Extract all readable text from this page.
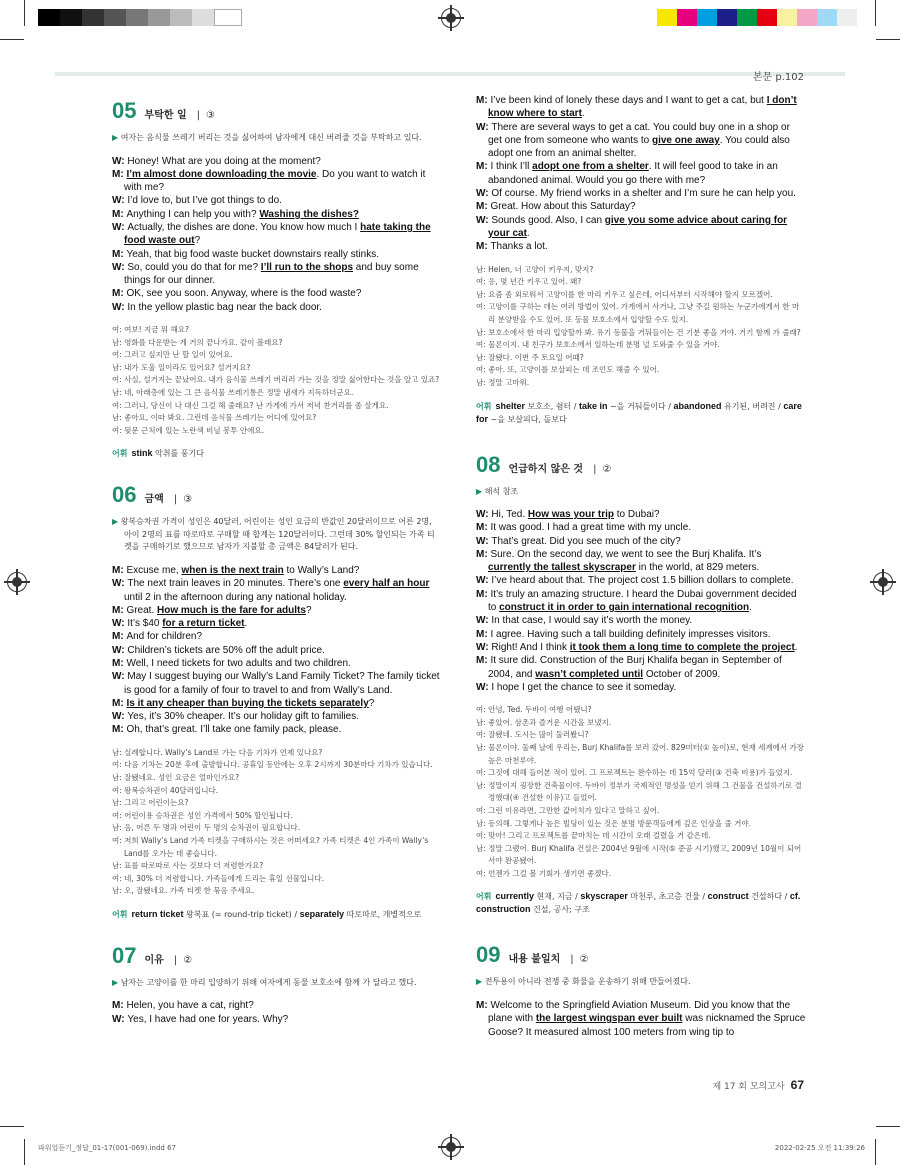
본문 p.102
05 부탁한 일 | ③
▶ 여자는 음식물 쓰레기 버리는 것을 싫어하여 남자에게 대신 버려줄 것을 부탁하고 있다.
W: Honey! What are you doing at the moment?
M: I’m almost done downloading the movie. Do you want to watch it with me?
W: I’d love to, but I’ve got things to do.
M: Anything I can help you with? Washing the dishes?
W: Actually, the dishes are done. You know how much I hate taking the food waste out?
M: Yeah, that big food waste bucket downstairs really stinks.
W: So, could you do that for me? I’ll run to the shops and buy some things for our dinner.
M: OK, see you soon. Anyway, where is the food waste?
W: In the yellow plastic bag near the back door.
여: 여보! 지금 뭐 해요?
남: 영화를 다운받는 게 거의 끝나가요. 같이 볼래요?
여: 그러고 싶지만 난 할 일이 있어요.
남: 내가 도울 일이라도 있어요? 설거지요?
여: 사실, 설거지는 끝났어요. 내가 음식물 쓰레기 버리러 가는 것을 정말 싫어한다는 것을 알고 있죠?
남: 네, 아래층에 있는 그 큰 음식물 쓰레기통은 정말 냄새가 지독하더군요.
여: 그러니, 당신이 나 대신 그걸 해 줄래요? 난 가게에 가서 저녁 찬거리를 좀 살게요.
남: 좋아요, 이따 봐요. 그런데 음식물 쓰레기는 어디에 있어요?
여: 뒷문 근처에 있는 노란색 비닐 봉투 안에요.
어휘 stink 악취를 풍기다
06 금액 | ③
▶ 왕복승차권 가격이 성인은 40달러, 어린이는 성인 요금의 반값인 20달러이므로 어른 2명, 아이 2명의 표를 따로따로 구매할 때 합계는 120달러이다. 그런데 30% 할인되는 가족 티켓을 구매하기로 했으므로 남자가 지불할 총 금액은 84달러가 된다.
M: Excuse me, when is the next train to Wally’s Land?
W: The next train leaves in 20 minutes. There’s one every half an hour until 2 in the afternoon during any national holiday.
M: Great. How much is the fare for adults?
W: It’s $40 for a return ticket.
M: And for children?
W: Children’s tickets are 50% off the adult price.
M: Well, I need tickets for two adults and two children.
W: May I suggest buying our Wally’s Land Family Ticket? The family ticket is good for a family of four to travel to and from Wally’s Land.
M: Is it any cheaper than buying the tickets separately?
W: Yes, it’s 30% cheaper. It’s our holiday gift to families.
M: Oh, that’s great. I’ll take one family pack, please.
남: 실례합니다. Wally’s Land로 가는 다음 기차가 언제 있나요?
여: 다음 기차는 20분 후에 출발합니다. 공휴일 동안에는 오후 2시까지 30분마다 기차가 있습니다.
남: 잘됐네요. 성인 요금은 얼마인가요?
여: 왕복승차권이 40달러입니다.
남: 그리고 어린이는요?
여: 어린이용 승차권은 성인 가격에서 50% 할인됩니다.
남: 음, 어른 두 명과 어린이 두 명의 승차권이 필요합니다.
여: 저희 Wally’s Land 가족 티켓을 구매하시는 것은 어떠세요? 가족 티켓은 4인 가족이 Wally’s Land를 오가는 데 좋습니다.
남: 표를 따로따로 사는 것보다 더 저렴한가요?
여: 네, 30% 더 저렴합니다. 가족들에게 드리는 휴일 선물입니다.
남: 오, 잘됐네요. 가족 티켓 한 묶음 주세요.
어휘 return ticket 왕복표 (= round-trip ticket) / separately 따로따로, 개별적으로
07 이유 | ②
▶ 남자는 고양이를 한 마리 입양하기 위해 여자에게 동물 보호소에 함께 가 달라고 했다.
M: Helen, you have a cat, right?
W: Yes, I have had one for years. Why?
M: I’ve been kind of lonely these days and I want to get a cat, but I don’t know where to start.
W: There are several ways to get a cat. You could buy one in a shop or get one from someone who wants to give one away. You could also adopt one from an animal shelter.
M: I think I’ll adopt one from a shelter. It will feel good to take in an abandoned animal. Would you go there with me?
W: Of course. My friend works in a shelter and I’m sure he can help you.
M: Great. How about this Saturday?
W: Sounds good. Also, I can give you some advice about caring for your cat.
M: Thanks a lot.
남: Helen, 너 고양이 키우지, 맞지?
여: 응, 몇 년간 키우고 있어. 왜?
남: 요즘 좀 외로워서 고양이를 한 마리 키우고 싶은데, 어디서부터 시작해야 할지 모르겠어.
여: 고양이를 구하는 데는 여러 방법이 있어. 가게에서 사거나, 그냥 주길 원하는 누군가에게서 한 마리 분양받을 수도 있어. 또 동물 보호소에서 입양할 수도 있지.
남: 보호소에서 한 마리 입양할까 봐. 유기 동물을 거둬들이는 건 기분 좋을 거야. 거기 함께 가 줄래?
여: 물론이지. 내 친구가 보호소에서 일하는데 분명 널 도와줄 수 있을 거야.
남: 잘됐다. 이번 주 토요일 어때?
여: 좋아. 또, 고양이를 보살피는 데 조언도 해줄 수 있어.
남: 정말 고마워.
어휘 shelter 보호소, 쉼터 / take in ~을 거둬들이다 / abandoned 유기된, 버려진 / care for ~을 보살피다, 돌보다
08 언급하지 않은 것 | ②
▶ 해석 참조
W: Hi, Ted. How was your trip to Dubai?
M: It was good. I had a great time with my uncle.
W: That’s great. Did you see much of the city?
M: Sure. On the second day, we went to see the Burj Khalifa. It’s currently the tallest skyscraper in the world, at 829 meters.
W: I’ve heard about that. The project cost 1.5 billion dollars to complete.
M: It’s truly an amazing structure. I heard the Dubai government decided to construct it in order to gain international recognition.
W: In that case, I would say it’s worth the money.
M: I agree. Having such a tall building definitely impresses visitors.
W: Right! And I think it took them a long time to complete the project.
M: It sure did. Construction of the Burj Khalifa began in September of 2004, and wasn’t completed until October of 2009.
W: I hope I get the chance to see it someday.
여: 안녕, Ted. 두바이 여행 어땠니?
남: 좋았어. 삼촌과 즐거운 시간을 보냈지.
여: 잘됐네. 도시는 많이 둘러봤니?
남: 물론이야. 둘째 날에 우리는, Burj Khalifa를 보러 갔어. 829미터(① 높이)로, 현재 세계에서 가장 높은 마천루야.
여: 그것에 대해 들어본 적이 있어. 그 프로젝트는 완수하는 데 15억 달러(③ 건축 비용)가 들었지.
남: 정말이지 굉장한 건축물이야. 두바이 정부가 국제적인 명성을 얻기 위해 그 건물을 건설하기로 결정했대(④ 건설한 이유)고 들었어.
여: 그런 이유라면, 그만한 값어치가 있다고 말하고 싶어.
남: 동의해. 그렇게나 높은 빌딩이 있는 것은 분명 방문객들에게 깊은 인상을 줄 거야.
여: 맞아! 그리고 프로젝트를 끝마치는 데 시간이 오래 걸렸을 거 같은데.
남: 정말 그랬어. Burj Khalifa 건설은 2004년 9월에 시작(⑤ 준공 시기)했고, 2009년 10월이 되어서야 완공됐어.
여: 언젠가 그걸 볼 기회가 생기면 좋겠다.
어휘 currently 현재, 지금 / skyscraper 마천루, 초고층 건물 / construct 건설하다 / cf. construction 건설, 공사; 구조
09 내용 불일치 | ②
▶ 전투용이 아니라 전쟁 중 화물을 운송하기 위해 만들어졌다.
M: Welcome to the Springfield Aviation Museum. Did you know that the plane with the largest wingspan ever built was nicknamed the Spruce Goose? It measured almost 100 meters from wing tip to
제 17 회 모의고사 67
파워업듣기_정답_01-17(001-069).indd 67	2022-02-25 오전 11:39:26
